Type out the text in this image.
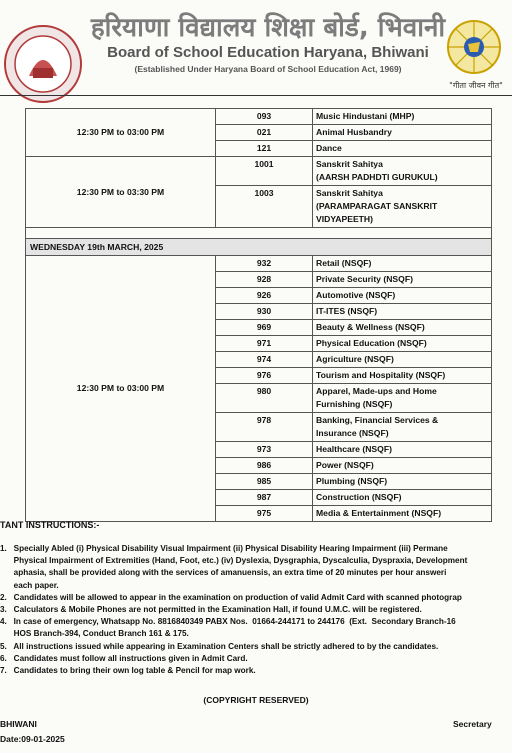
हरियाणा विद्यालय शिक्षा बोर्ड, भिवानी
Board of School Education Haryana, Bhiwani
(Established Under Haryana Board of School Education Act, 1969)
"गीता जीवन गीत"
12:30 PM to 03:00 PM	093	Music Hindustani (MHP)
	021	Animal Husbandry
	121	Dance
12:30 PM to 03:30 PM	1001	Sanskrit Sahitya
(AARSH PADHDTI GURUKUL)

	1003	Sanskrit Sahitya
(PARAMPARAGAT SANSKRIT
VIDYAPEETH)

WEDNESDAY 19th MARCH, 2025		
12:30 PM to 03:00 PM	932	Retail (NSQF)

	928	Private Security (NSQF)

	926	Automotive (NSQF)

	930	IT-ITES (NSQF)

	969	Beauty & Wellness (NSQF)

	971	Physical Education (NSQF)

	974	Agriculture (NSQF)

	976	Tourism and Hospitality (NSQF)

	980	Apparel, Made-ups and Home
Furnishing (NSQF)

	978	Banking, Financial Services &
Insurance (NSQF)

	973	Healthcare (NSQF)

	986	Power (NSQF)

	985	Plumbing (NSQF)

	987	Construction (NSQF)

	975	Media & Entertainment (NSQF)
TANT INSTRUCTIONS:-
1.   Specially Abled (i) Physical Disability Visual Impairment (ii) Physical Disability Hearing Impairment (iii) Permane
Physical Impairment of Extremities (Hand, Foot, etc.) (iv) Dyslexia, Dysgraphia, Dyscalculia, Dyspraxia, Development
aphasia, shall be provided along with the services of amanuensis, an extra time of 20 minutes per hour answeri
each paper.
2.   Candidates will be allowed to appear in the examination on production of valid Admit Card with scanned photograp
3.   Calculators & Mobile Phones are not permitted in the Examination Hall, if found U.M.C. will be registered.
4.   In case of emergency, Whatsapp No. 8816840349 PABX Nos.  01664-244171 to 244176  (Ext.  Secondary Branch-16
HOS Branch-394, Conduct Branch 161 & 175.
5.   All instructions issued while appearing in Examination Centers shall be strictly adhered to by the candidates.
6.   Candidates must follow all instructions given in Admit Card.
7.   Candidates to bring their own log table & Pencil for map work.
(COPYRIGHT RESERVED)
BHIWANI
Date:09-01-2025
Secretary
